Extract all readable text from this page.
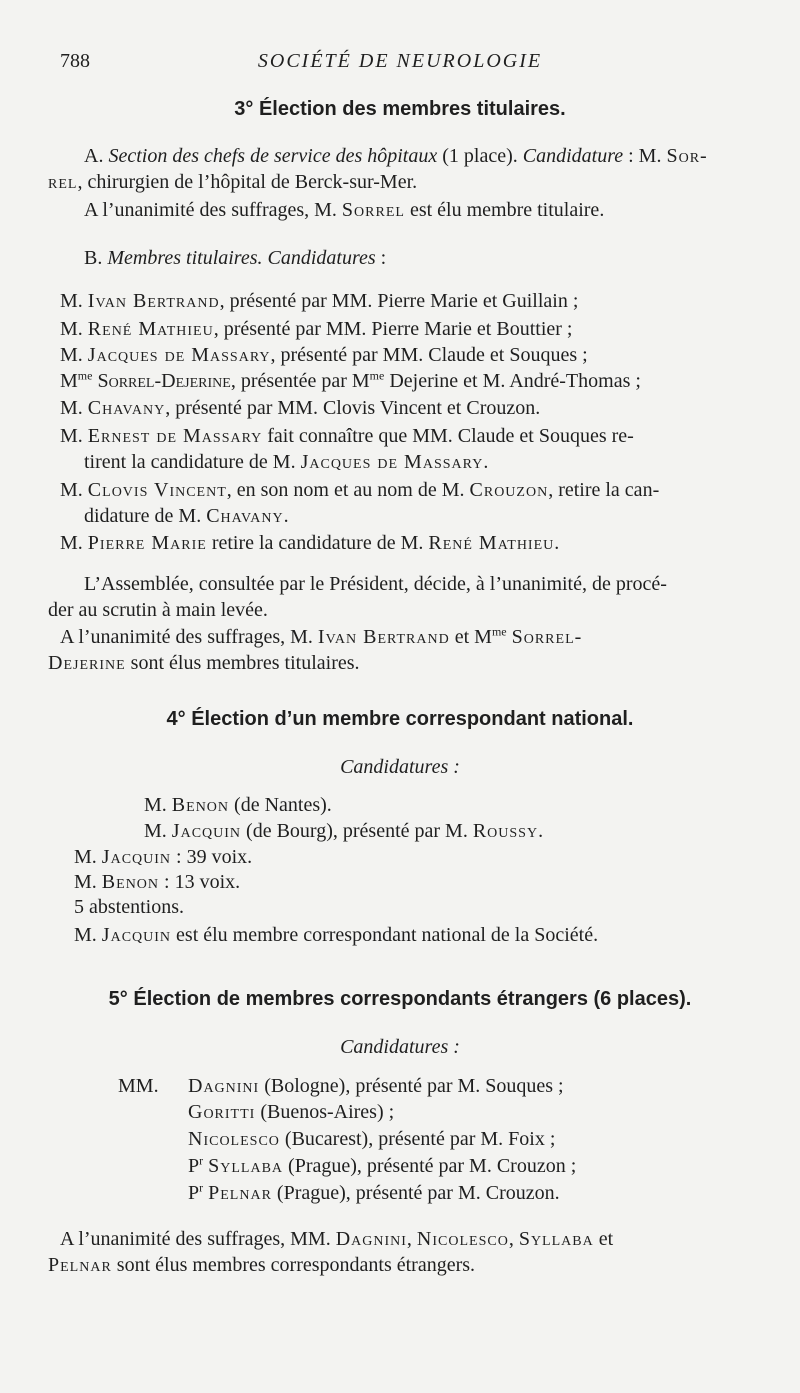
788	SOCIÉTÉ DE NEUROLOGIE
3° Élection des membres titulaires.
A. Section des chefs de service des hôpitaux (1 place). Candidature : M. Sor-
rel, chirurgien de l’hôpital de Berck-sur-Mer.
A l’unanimité des suffrages, M. Sorrel est élu membre titulaire.
B. Membres titulaires. Candidatures :
M. Ivan Bertrand, présenté par MM. Pierre Marie et Guillain ;
M. René Mathieu, présenté par MM. Pierre Marie et Bouttier ;
M. Jacques de Massary, présenté par MM. Claude et Souques ;
$M^{me}$ Sorrel-Dejerine, présentée par $M^{me}$ Dejerine et M. André-Thomas ;
M. Chavany, présenté par MM. Clovis Vincent et Crouzon.
M. Ernest de Massary fait connaître que MM. Claude et Souques re-
tirent la candidature de M. Jacques de Massary.
M. Clovis Vincent, en son nom et au nom de M. Crouzon, retire la can-
didature de M. Chavany.
M. Pierre Marie retire la candidature de M. René Mathieu.
L’Assemblée, consultée par le Président, décide, à l’unanimité, de procé-
der au scrutin à main levée.
A l’unanimité des suffrages, M. Ivan Bertrand et $M^{me}$ Sorrel-
Dejerine sont élus membres titulaires.
4° Élection d’un membre correspondant national.
Candidatures :
M. Benon (de Nantes).
M. Jacquin (de Bourg), présenté par M. Roussy.
M. Jacquin : 39 voix.
M. Benon : 13 voix.
5 abstentions.
M. Jacquin est élu membre correspondant national de la Société.
5° Élection de membres correspondants étrangers (6 places).
Candidatures :
MM. Dagnini (Bologne), présenté par M. Souques ;
Goritti (Buenos-Aires) ;
Nicolesco (Bucarest), présenté par M. Foix ;
$P^r$ Syllaba (Prague), présenté par M. Crouzon ;
$P^r$ Pelnar (Prague), présenté par M. Crouzon.
A l’unanimité des suffrages, MM. Dagnini, Nicolesco, Syllaba et
Pelnar sont élus membres correspondants étrangers.
